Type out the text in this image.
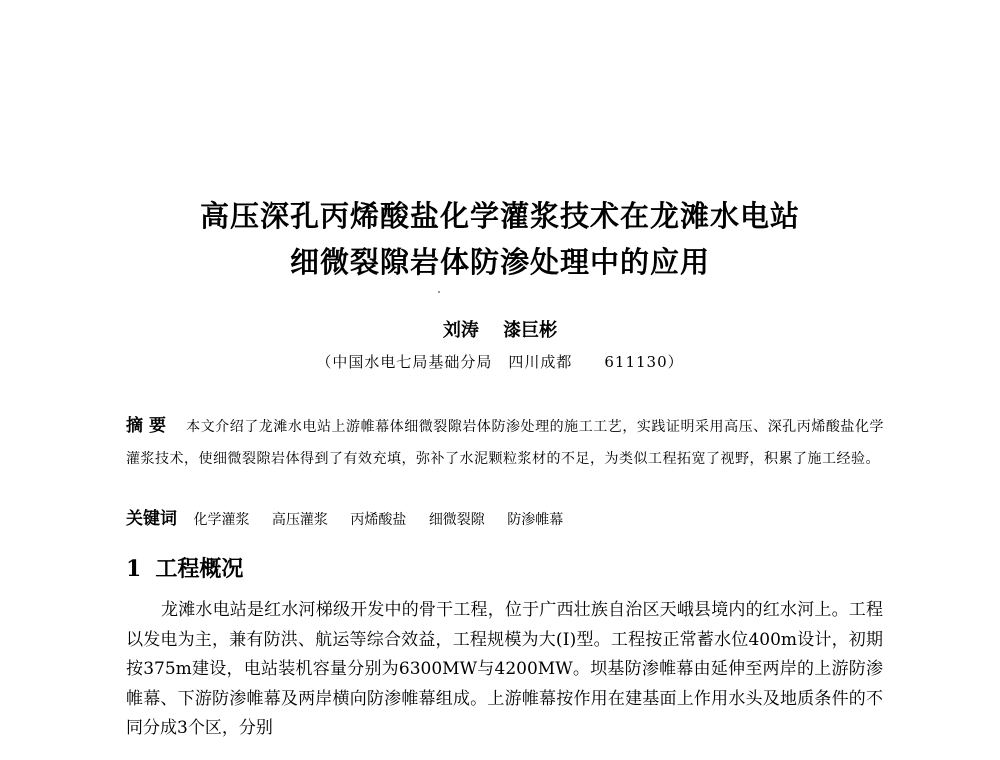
高压深孔丙烯酸盐化学灌浆技术在龙滩水电站
细微裂隙岩体防渗处理中的应用
刘涛 漆巨彬
（中国水电七局基础分局　四川成都　　611130）
摘要 本文介绍了龙滩水电站上游帷幕体细微裂隙岩体防渗处理的施工工艺，实践证明采用高压、深孔丙烯酸盐化学灌浆技术，使细微裂隙岩体得到了有效充填，弥补了水泥颗粒浆材的不足，为类似工程拓宽了视野，积累了施工经验。
关键词 化学灌浆 高压灌浆 丙烯酸盐 细微裂隙 防渗帷幕
1 工程概况

龙滩水电站是红水河梯级开发中的骨干工程，位于广西壮族自治区天峨县境内的红水河上。工程以发电为主，兼有防洪、航运等综合效益，工程规模为大(Ⅰ)型。工程按正常蓄水位400m设计，初期按375m建设，电站装机容量分别为6300MW与4200MW。坝基防渗帷幕由延伸至两岸的上游防渗帷幕、下游防渗帷幕及两岸横向防渗帷幕组成。上游帷幕按作用在建基面上作用水头及地质条件的不同分成3个区，分别
